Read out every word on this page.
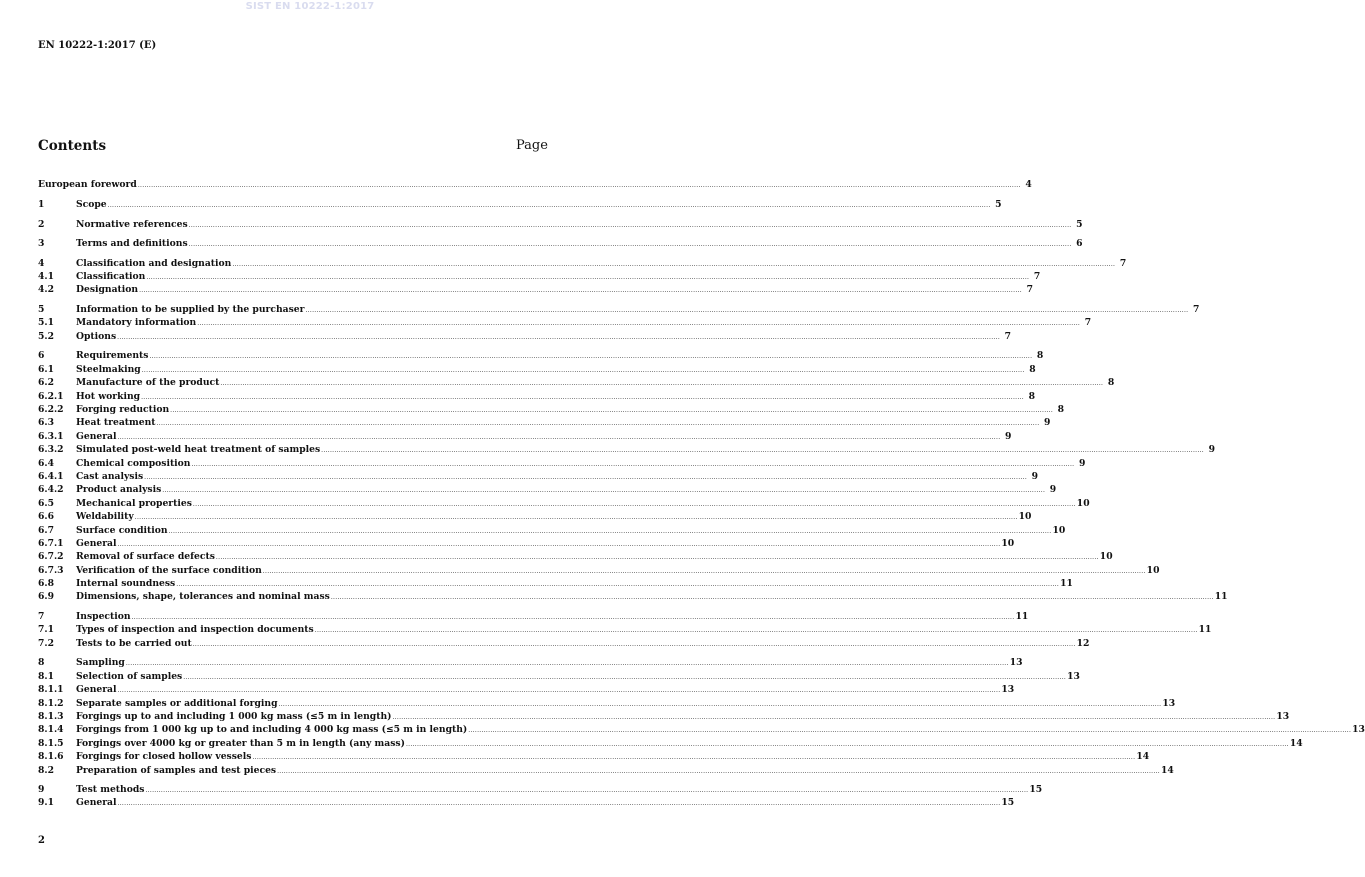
SIST EN 10222-1:2017
EN 10222-1:2017 (E)
Contents	Page
European foreword ................................................................................................................................................................................................................................................................................................................................................................................................................ 4
1	Scope ................................................................................................................................................................................................................................................................................................................................................................................................................ 5
2	Normative references ................................................................................................................................................................................................................................................................................................................................................................................................................ 5
3	Terms and definitions ................................................................................................................................................................................................................................................................................................................................................................................................................ 6
4	Classification and designation ................................................................................................................................................................................................................................................................................................................................................................................................................ 7
4.1	Classification ................................................................................................................................................................................................................................................................................................................................................................................................................ 7
4.2	Designation ................................................................................................................................................................................................................................................................................................................................................................................................................ 7
5	Information to be supplied by the purchaser ................................................................................................................................................................................................................................................................................................................................................................................................................ 7
5.1	Mandatory information ................................................................................................................................................................................................................................................................................................................................................................................................................ 7
5.2	Options ................................................................................................................................................................................................................................................................................................................................................................................................................ 7
6	Requirements ................................................................................................................................................................................................................................................................................................................................................................................................................ 8
6.1	Steelmaking ................................................................................................................................................................................................................................................................................................................................................................................................................ 8
6.2	Manufacture of the product ................................................................................................................................................................................................................................................................................................................................................................................................................ 8
6.2.1	Hot working ................................................................................................................................................................................................................................................................................................................................................................................................................ 8
6.2.2	Forging reduction ................................................................................................................................................................................................................................................................................................................................................................................................................ 8
6.3	Heat treatment ................................................................................................................................................................................................................................................................................................................................................................................................................ 9
6.3.1	General ................................................................................................................................................................................................................................................................................................................................................................................................................ 9
6.3.2	Simulated post-weld heat treatment of samples ................................................................................................................................................................................................................................................................................................................................................................................................................ 9
6.4	Chemical composition ................................................................................................................................................................................................................................................................................................................................................................................................................ 9
6.4.1	Cast analysis ................................................................................................................................................................................................................................................................................................................................................................................................................ 9
6.4.2	Product analysis ................................................................................................................................................................................................................................................................................................................................................................................................................ 9
6.5	Mechanical properties ................................................................................................................................................................................................................................................................................................................................................................................................................ 10
6.6	Weldability ................................................................................................................................................................................................................................................................................................................................................................................................................ 10
6.7	Surface condition ................................................................................................................................................................................................................................................................................................................................................................................................................ 10
6.7.1	General ................................................................................................................................................................................................................................................................................................................................................................................................................ 10
6.7.2	Removal of surface defects ................................................................................................................................................................................................................................................................................................................................................................................................................ 10
6.7.3	Verification of the surface condition ................................................................................................................................................................................................................................................................................................................................................................................................................ 10
6.8	Internal soundness ................................................................................................................................................................................................................................................................................................................................................................................................................ 11
6.9	Dimensions, shape, tolerances and nominal mass ................................................................................................................................................................................................................................................................................................................................................................................................................ 11
7	Inspection ................................................................................................................................................................................................................................................................................................................................................................................................................ 11
7.1	Types of inspection and inspection documents ................................................................................................................................................................................................................................................................................................................................................................................................................ 11
7.2	Tests to be carried out ................................................................................................................................................................................................................................................................................................................................................................................................................ 12
8	Sampling ................................................................................................................................................................................................................................................................................................................................................................................................................ 13
8.1	Selection of samples ................................................................................................................................................................................................................................................................................................................................................................................................................ 13
8.1.1	General ................................................................................................................................................................................................................................................................................................................................................................................................................ 13
8.1.2	Separate samples or additional forging ................................................................................................................................................................................................................................................................................................................................................................................................................ 13
8.1.3	Forgings up to and including 1 000 kg mass (≤5 m in length) ................................................................................................................................................................................................................................................................................................................................................................................................................ 13
8.1.4	Forgings from 1 000 kg up to and including 4 000 kg mass (≤5 m in length) ................................................................................................................................................................................................................................................................................................................................................................................................................ 13
8.1.5	Forgings over 4000 kg or greater than 5 m in length (any mass) ................................................................................................................................................................................................................................................................................................................................................................................................................ 14
8.1.6	Forgings for closed hollow vessels ................................................................................................................................................................................................................................................................................................................................................................................................................ 14
8.2	Preparation of samples and test pieces ................................................................................................................................................................................................................................................................................................................................................................................................................ 14
9	Test methods ................................................................................................................................................................................................................................................................................................................................................................................................................ 15
9.1	General ................................................................................................................................................................................................................................................................................................................................................................................................................ 15
2
